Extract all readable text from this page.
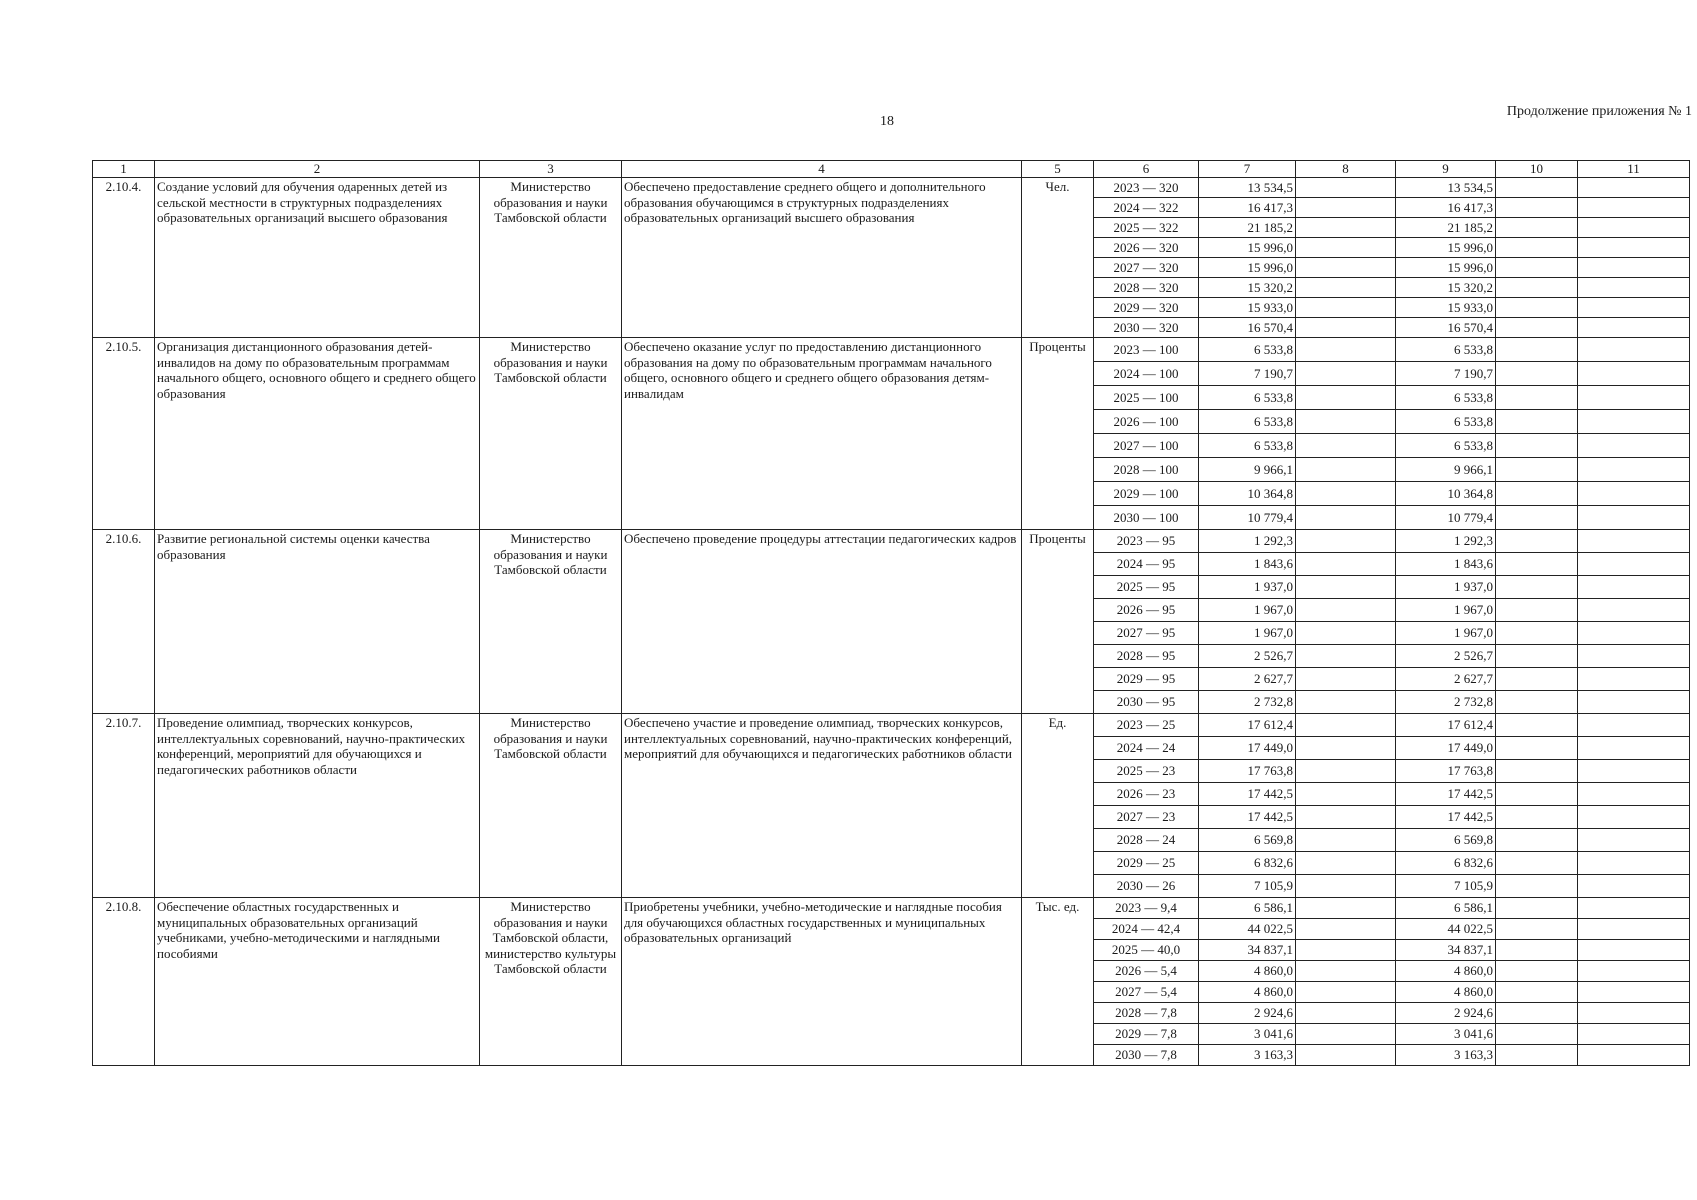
18
Продолжение приложения № 1
1	2	3	4	5	6	7	8	9	10	11
2.10.4.	Создание условий для обучения одаренных детей из сельской местности в структурных подразделениях образовательных организаций высшего образования	Министерство образования и науки Тамбовской области	Обеспечено предоставление среднего общего и дополнительного образования обучающимся в структурных подразделениях образовательных организаций высшего образования	Чел.	2023 — 320	13 534,5		13 534,5		
					2024 — 322	16 417,3		16 417,3		
					2025 — 322	21 185,2		21 185,2		
					2026 — 320	15 996,0		15 996,0		
					2027 — 320	15 996,0		15 996,0		
					2028 — 320	15 320,2		15 320,2		
					2029 — 320	15 933,0		15 933,0		
					2030 — 320	16 570,4		16 570,4		
2.10.5.	Организация дистанционного образования детей-инвалидов на дому по образовательным программам начального общего, основного общего и среднего общего образования	Министерство образования и науки Тамбовской области	Обеспечено оказание услуг по предоставлению дистанционного образования на дому по образовательным программам начального общего, основного общего и среднего общего образования детям-инвалидам	Проценты	2023 — 100	6 533,8		6 533,8		
					2024 — 100	7 190,7		7 190,7		
					2025 — 100	6 533,8		6 533,8		
					2026 — 100	6 533,8		6 533,8		
					2027 — 100	6 533,8		6 533,8		
					2028 — 100	9 966,1		9 966,1		
					2029 — 100	10 364,8		10 364,8		
					2030 — 100	10 779,4		10 779,4		
2.10.6.	Развитие региональной системы оценки качества образования	Министерство образования и науки Тамбовской области	Обеспечено проведение процедуры аттестации педагогических кадров	Проценты	2023 — 95	1 292,3		1 292,3		
					2024 — 95	1 843,6		1 843,6		
					2025 — 95	1 937,0		1 937,0		
					2026 — 95	1 967,0		1 967,0		
					2027 — 95	1 967,0		1 967,0		
					2028 — 95	2 526,7		2 526,7		
					2029 — 95	2 627,7		2 627,7		
					2030 — 95	2 732,8		2 732,8		
2.10.7.	Проведение олимпиад, творческих конкурсов, интеллектуальных соревнований, научно-практических конференций, мероприятий для обучающихся и педагогических работников области	Министерство образования и науки Тамбовской области	Обеспечено участие и проведение олимпиад, творческих конкурсов, интеллектуальных соревнований, научно-практических конференций, мероприятий для обучающихся и педагогических работников области	Ед.	2023 — 25	17 612,4		17 612,4		
					2024 — 24	17 449,0		17 449,0		
					2025 — 23	17 763,8		17 763,8		
					2026 — 23	17 442,5		17 442,5		
					2027 — 23	17 442,5		17 442,5		
					2028 — 24	6 569,8		6 569,8		
					2029 — 25	6 832,6		6 832,6		
					2030 — 26	7 105,9		7 105,9		
2.10.8.	Обеспечение областных государственных и муниципальных образовательных организаций учебниками, учебно-методическими и наглядными пособиями	Министерство образования и науки Тамбовской области, министерство культуры Тамбовской области	Приобретены учебники, учебно-методические и наглядные пособия для обучающихся областных государственных и муниципальных образовательных организаций	Тыс. ед.	2023 — 9,4	6 586,1		6 586,1		
					2024 — 42,4	44 022,5		44 022,5		
					2025 — 40,0	34 837,1		34 837,1		
					2026 — 5,4	4 860,0		4 860,0		
					2027 — 5,4	4 860,0		4 860,0		
					2028 — 7,8	2 924,6		2 924,6		
					2029 — 7,8	3 041,6		3 041,6		
					2030 — 7,8	3 163,3		3 163,3		
